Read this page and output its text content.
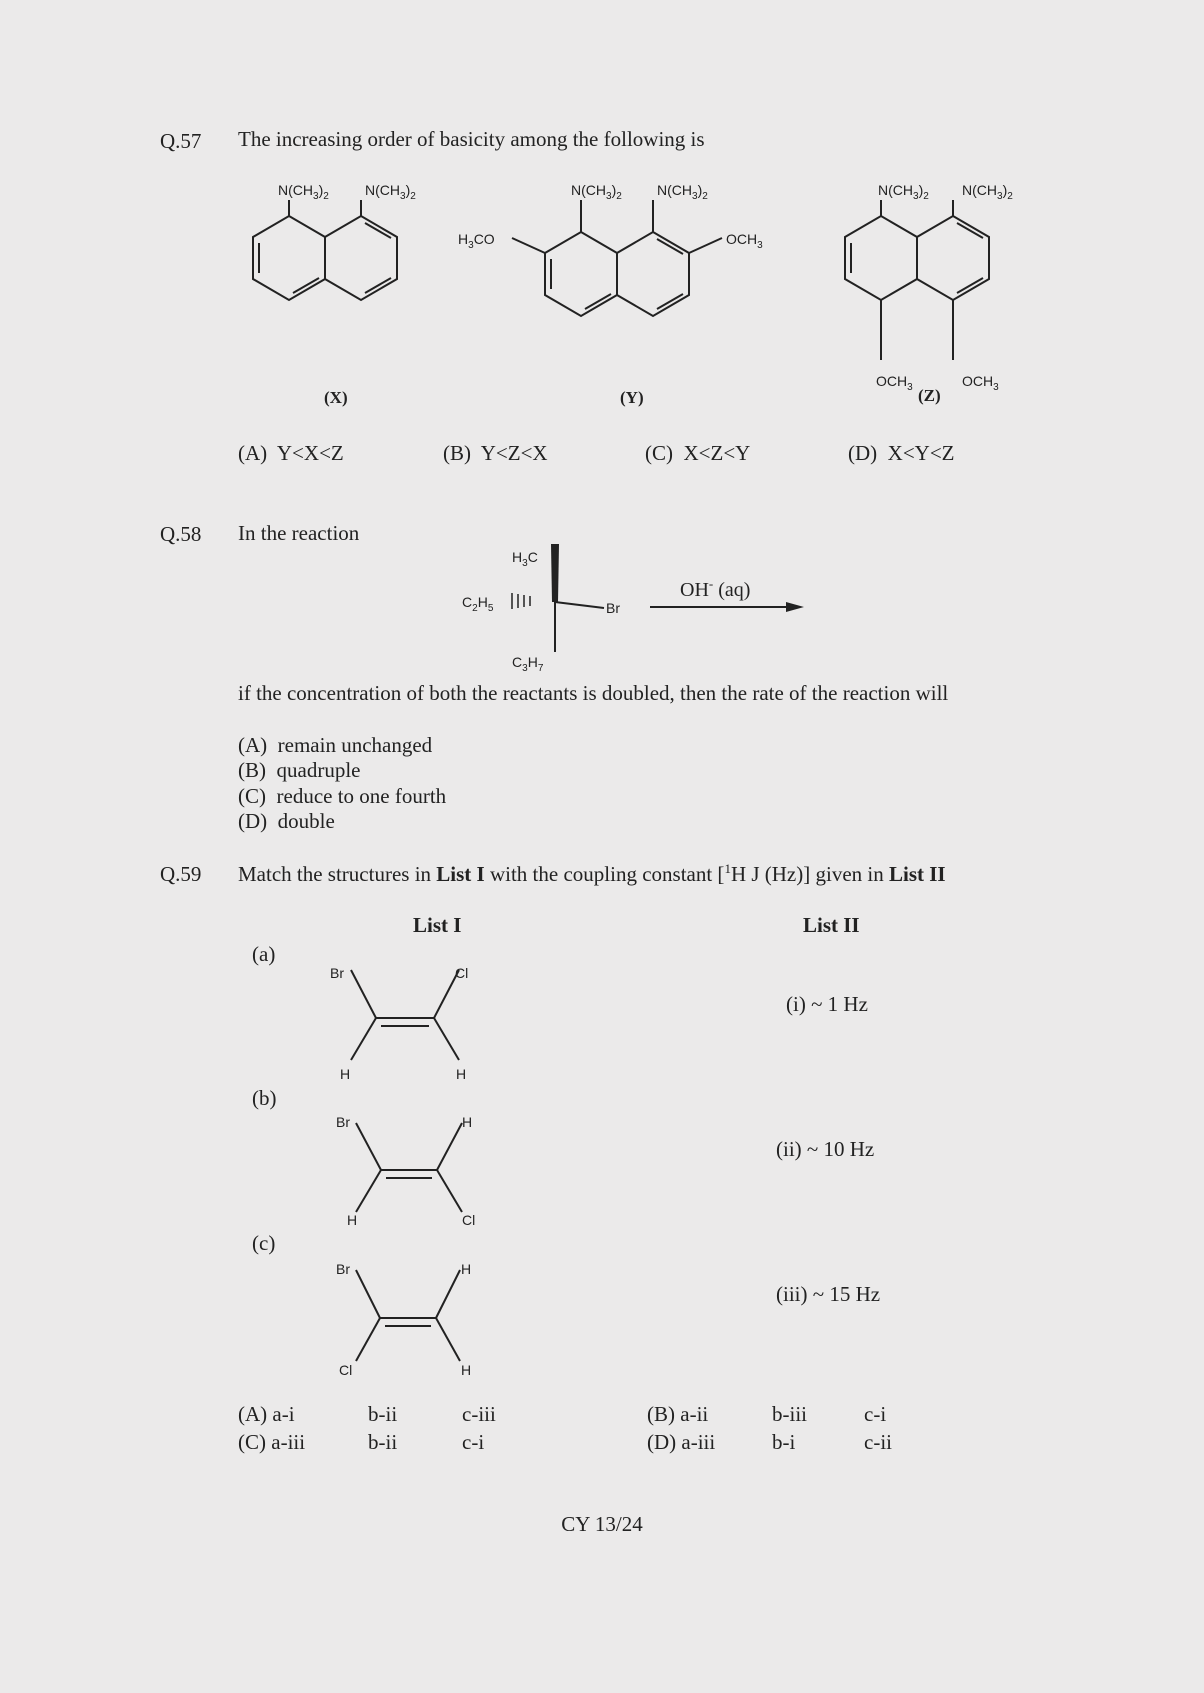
Q.57 The increasing order of basicity among the following is
$N(CH_3)_2$	$N(CH_3)_2$
(X)
$N(CH_3)_2$	$N(CH_3)_2$
$H_3CO$	$OCH_3$
(Y)
$N(CH_3)_2$ $N(CH_3)_2$
$OCH_3$	$OCH_3$
(Z)
(A) Y<X<Z	(B) Y<Z<X	(C) X<Z<Y	(D) X<Y<Z
Q.58 In the reaction
$H_3C$
$C_2H_5$	Br
$C_3H_7$
OH- (aq)
if the concentration of both the reactants is doubled, then the rate of the reaction will
(A) remain unchanged
(B) quadruple
(C) reduce to one fourth
(D) double
Q.59 Match the structures in List I with the coupling constant [$^1$H J (Hz)] given in List II
List I	List II
(a)
(b)
(c)
Br	Cl
H	H
Br	H
H	Cl
Br	H
Cl	H
(i) ~ 1 Hz
(ii) ~ 10 Hz
(iii) ~ 15 Hz
(A) a-i	b-ii	c-iii
(C) a-iii	b-ii	c-i
(B) a-ii	b-iii	c-i
(D) a-iii	b-i	c-ii
CY 13/24
